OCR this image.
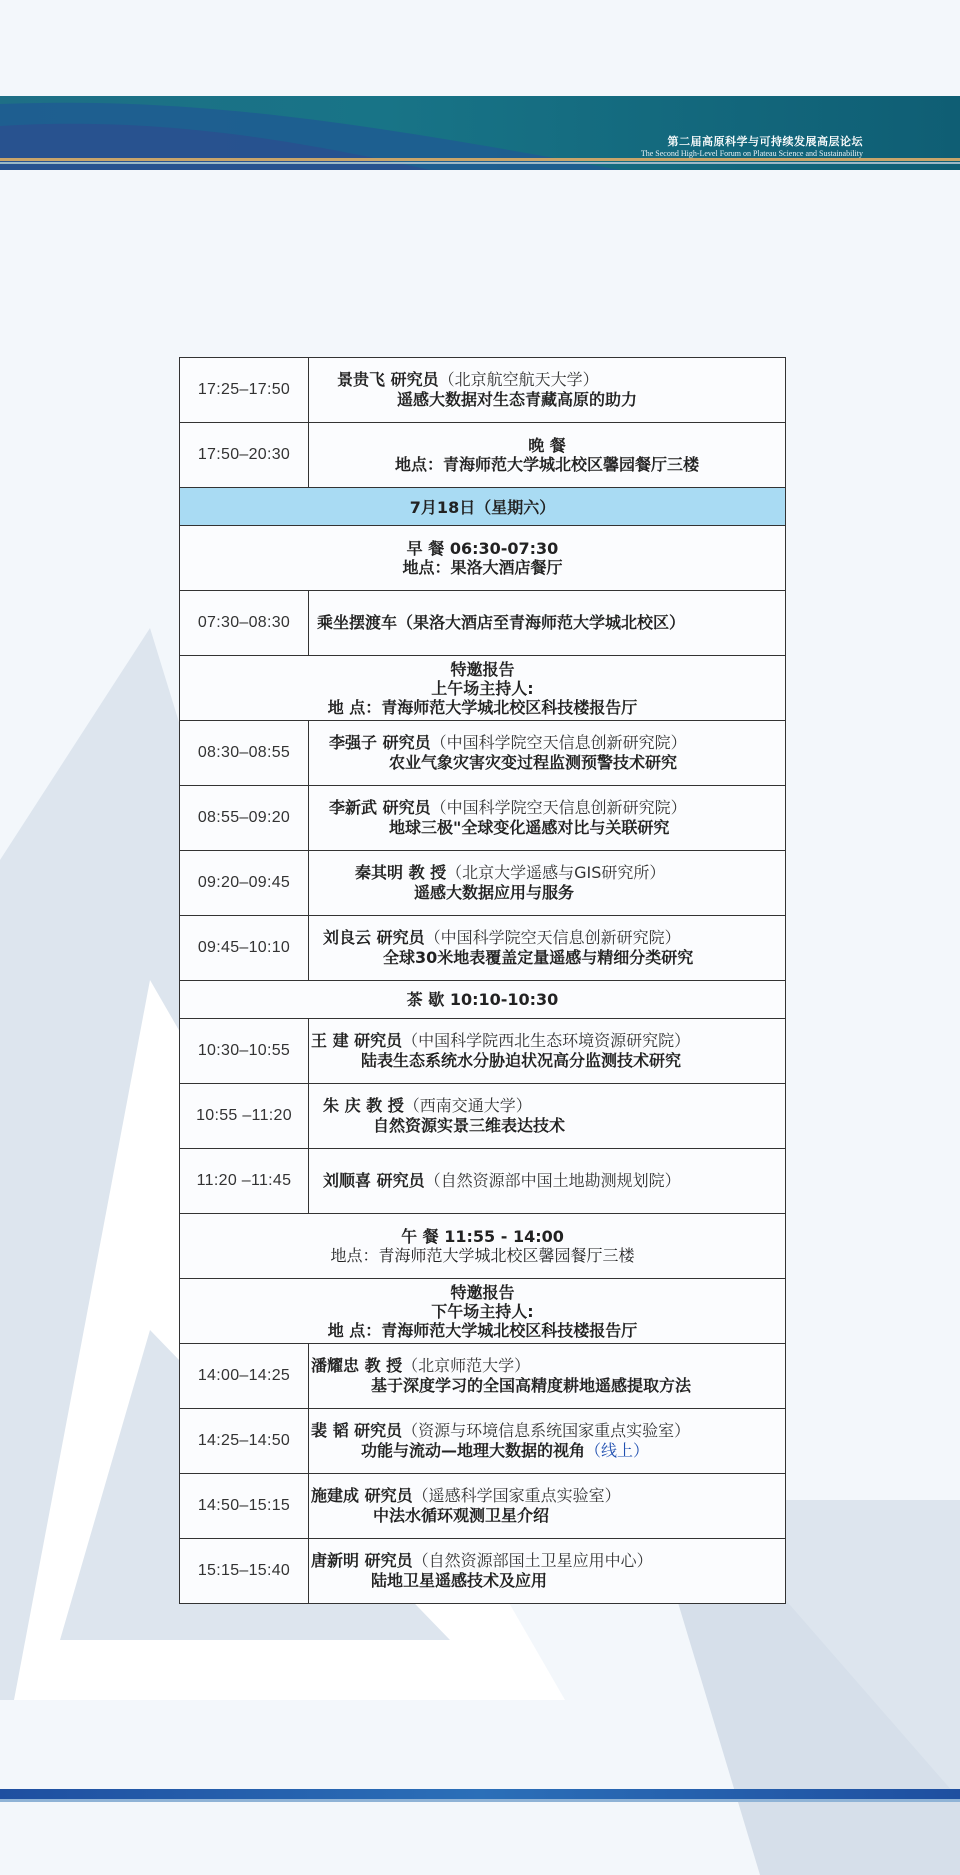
第二届高原科学与可持续发展高层论坛
The Second High-Level Forum on Plateau Science and Sustainability
17:25–17:50	景贵飞 研究员（北京航空航天大学）
遥感大数据对生态青藏高原的助力

17:50–20:30	晚 餐
地点：青海师范大学城北校区馨园餐厅三楼

7月18日（星期六）	

早 餐 06:30-07:30
地点：果洛大酒店餐厅	

07:30–08:30	乘坐摆渡车（果洛大酒店至青海师范大学城北校区）

特邀报告
上午场主持人:
地 点：青海师范大学城北校区科技楼报告厅	

08:30–08:55	李强子 研究员（中国科学院空天信息创新研究院）
农业气象灾害灾变过程监测预警技术研究

08:55–09:20	李新武 研究员（中国科学院空天信息创新研究院）
地球三极"全球变化遥感对比与关联研究

09:20–09:45	秦其明 教 授（北京大学遥感与GIS研究所）
遥感大数据应用与服务

09:45–10:10	刘良云 研究员（中国科学院空天信息创新研究院）
全球30米地表覆盖定量遥感与精细分类研究

茶 歇 10:10-10:30	

10:30–10:55	王 建 研究员（中国科学院西北生态环境资源研究院）
陆表生态系统水分胁迫状况高分监测技术研究

10:55 –11:20	朱 庆 教 授（西南交通大学）
自然资源实景三维表达技术

11:20 –11:45	刘顺喜 研究员（自然资源部中国土地勘测规划院）

午 餐 11:55 - 14:00
地点：青海师范大学城北校区馨园餐厅三楼	

特邀报告
下午场主持人:
地 点：青海师范大学城北校区科技楼报告厅	

14:00–14:25	潘耀忠 教 授（北京师范大学）
基于深度学习的全国高精度耕地遥感提取方法

14:25–14:50	裴 韬 研究员（资源与环境信息系统国家重点实验室）
功能与流动—地理大数据的视角（线上）

14:50–15:15	施建成 研究员（遥感科学国家重点实验室）
中法水循环观测卫星介绍

15:15–15:40	唐新明 研究员（自然资源部国土卫星应用中心）
陆地卫星遥感技术及应用
